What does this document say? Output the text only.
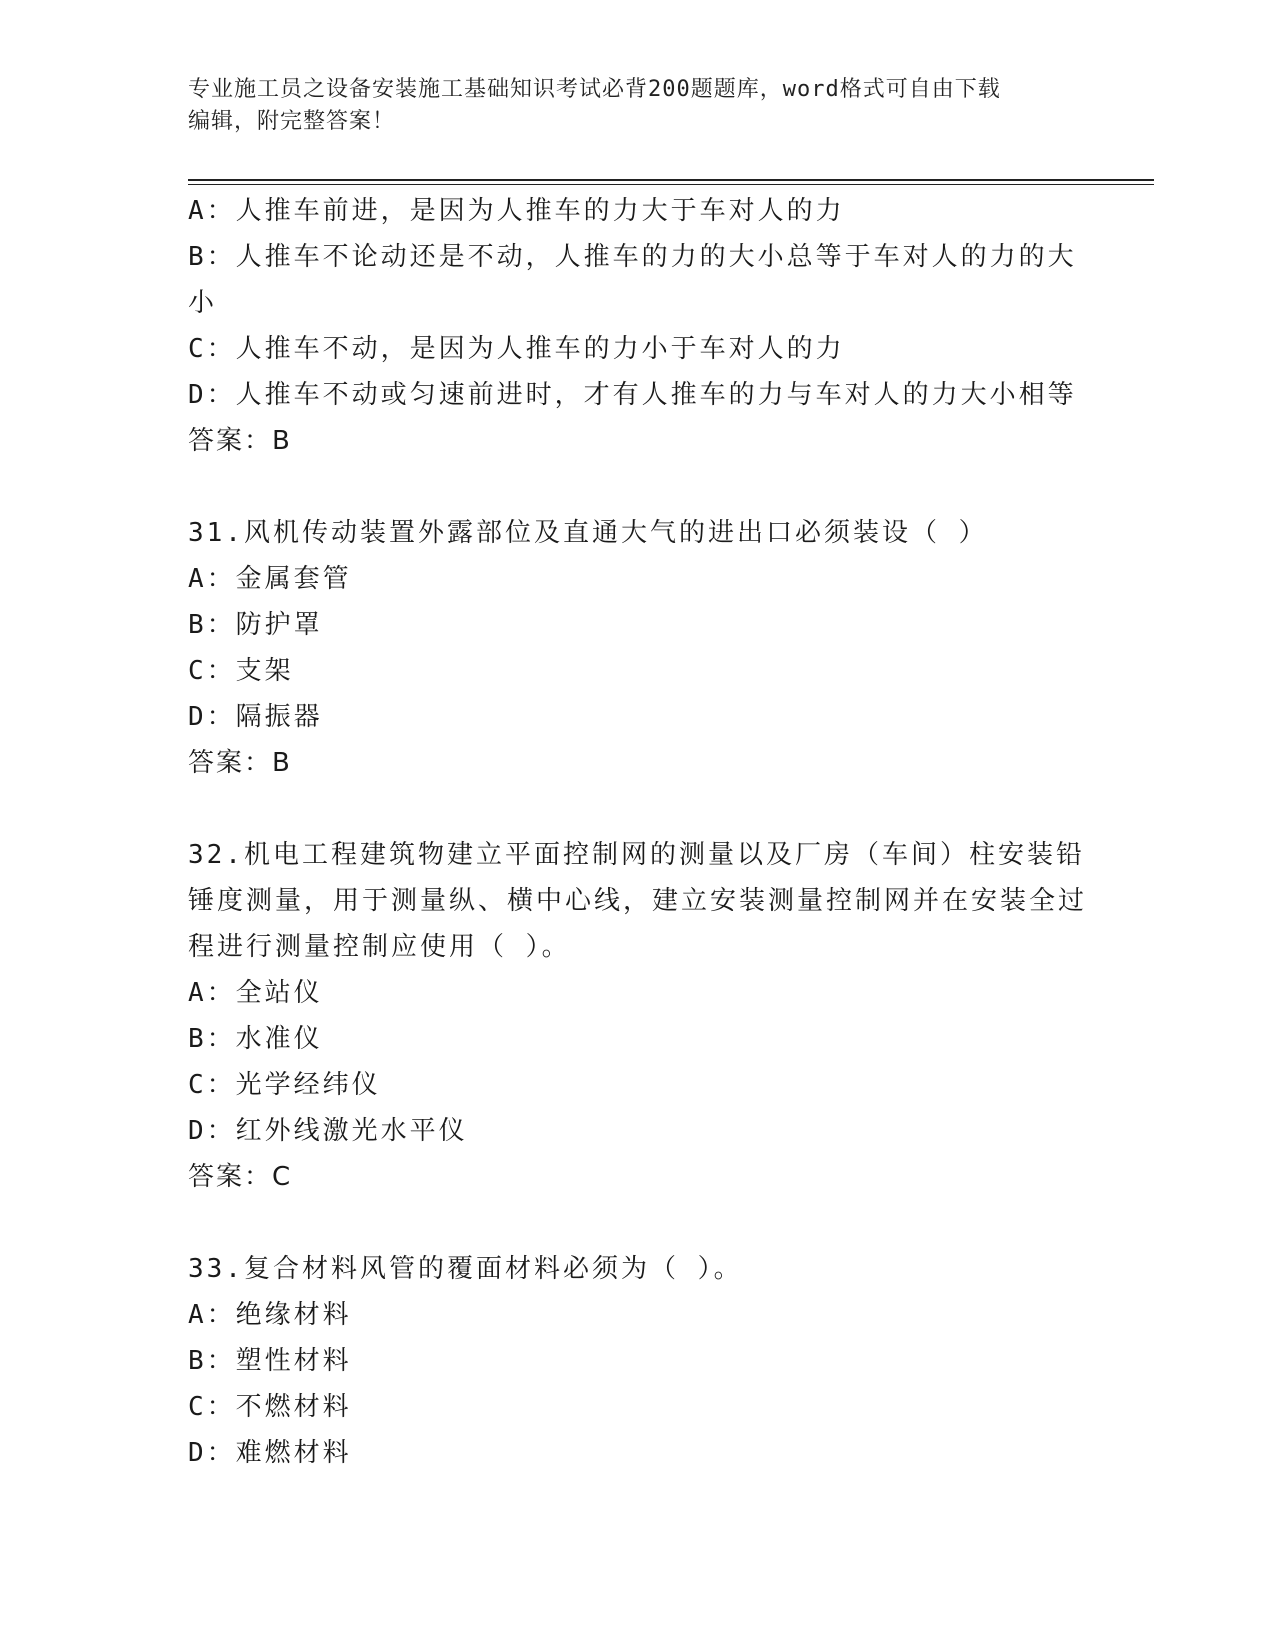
专业施工员之设备安装施工基础知识考试必背200题题库，word格式可自由下载
编辑，附完整答案！
A：人推车前进，是因为人推车的力大于车对人的力
B：人推车不论动还是不动，人推车的力的大小总等于车对人的力的大小
C：人推车不动，是因为人推车的力小于车对人的力
D：人推车不动或匀速前进时，才有人推车的力与车对人的力大小相等
答案：B
31.风机传动装置外露部位及直通大气的进出口必须装设（ ）
A：金属套管
B：防护罩
C：支架
D：隔振器
答案：B
32.机电工程建筑物建立平面控制网的测量以及厂房（车间）柱安装铅锤度测量，用于测量纵、横中心线，建立安装测量控制网并在安装全过程进行测量控制应使用（ ）。
A：全站仪
B：水准仪
C：光学经纬仪
D：红外线激光水平仪
答案：C
33.复合材料风管的覆面材料必须为（ ）。
A：绝缘材料
B：塑性材料
C：不燃材料
D：难燃材料
